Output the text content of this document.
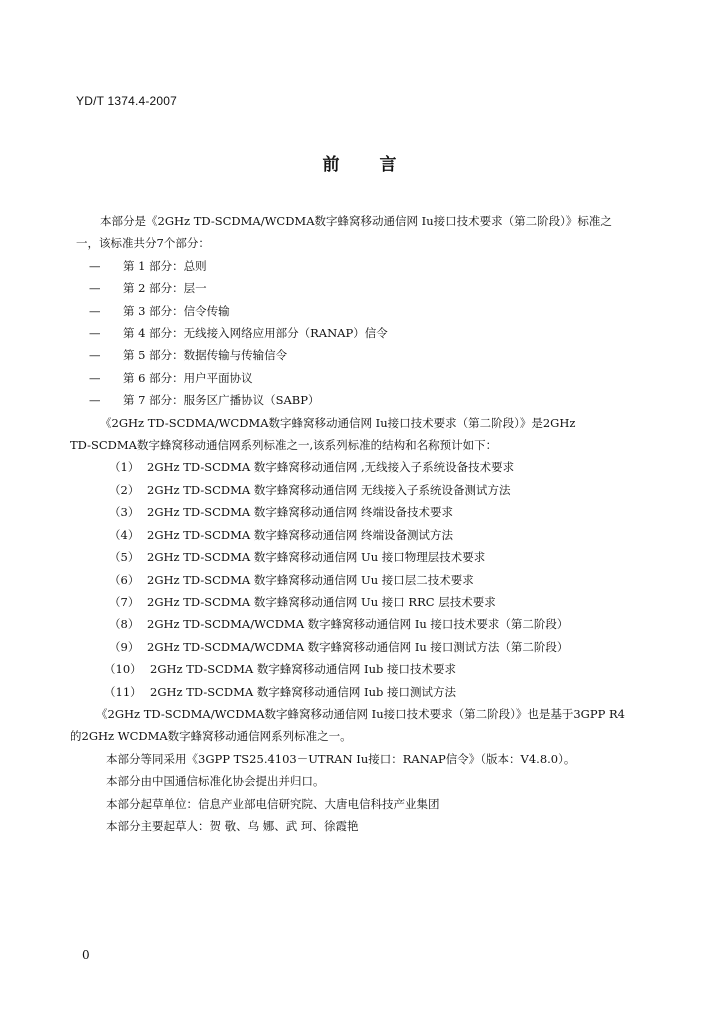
YD/T 1374.4-2007
前 言

本部分是《2GHz TD-SCDMA/WCDMA数字蜂窝移动通信网 Iu接口技术要求（第二阶段）》标准之

一，该标准共分7个部分：

— 第 1 部分：总则
— 第 2 部分：层一
— 第 3 部分：信令传输
— 第 4 部分：无线接入网络应用部分（RANAP）信令
— 第 5 部分：数据传输与传输信令
— 第 6 部分：用户平面协议
— 第 7 部分：服务区广播协议（SABP）

《2GHz TD-SCDMA/WCDMA数字蜂窝移动通信网 Iu接口技术要求（第二阶段）》是2GHz

TD-SCDMA数字蜂窝移动通信网系列标准之一,该系列标准的结构和名称预计如下：

（1） 2GHz TD-SCDMA 数字蜂窝移动通信网 ,无线接入子系统设备技术要求
（2） 2GHz TD-SCDMA 数字蜂窝移动通信网 无线接入子系统设备测试方法
（3） 2GHz TD-SCDMA 数字蜂窝移动通信网 终端设备技术要求
（4） 2GHz TD-SCDMA 数字蜂窝移动通信网 终端设备测试方法
（5） 2GHz TD-SCDMA 数字蜂窝移动通信网 Uu 接口物理层技术要求
（6） 2GHz TD-SCDMA 数字蜂窝移动通信网 Uu 接口层二技术要求
（7） 2GHz TD-SCDMA 数字蜂窝移动通信网 Uu 接口 RRC 层技术要求
（8） 2GHz TD-SCDMA/WCDMA 数字蜂窝移动通信网 Iu 接口技术要求（第二阶段）
（9） 2GHz TD-SCDMA/WCDMA 数字蜂窝移动通信网 Iu 接口测试方法（第二阶段）
（10） 2GHz TD-SCDMA 数字蜂窝移动通信网 Iub 接口技术要求
（11） 2GHz TD-SCDMA 数字蜂窝移动通信网 Iub 接口测试方法

《2GHz TD-SCDMA/WCDMA数字蜂窝移动通信网 Iu接口技术要求（第二阶段）》也是基于3GPP R4

的2GHz WCDMA数字蜂窝移动通信网系列标准之一。

本部分等同采用《3GPP TS25.4103－UTRAN Iu接口：RANAP信令》（版本：V4.8.0）。

本部分由中国通信标准化协会提出并归口。

本部分起草单位：信息产业部电信研究院、大唐电信科技产业集团

本部分主要起草人：贺 敬、乌 娜、武 珂、徐霞艳

0
